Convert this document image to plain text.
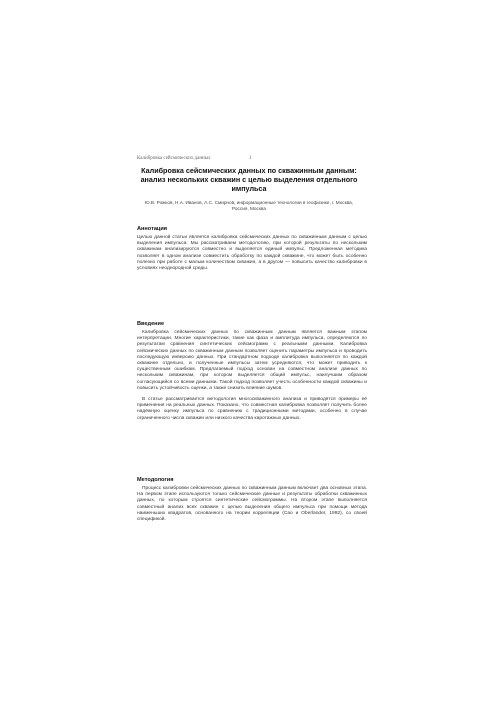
Калибровка сейсмических данных	1
Калибровка сейсмических данных по скважинным данным: анализ нескольких скважин с целью выделения отдельного импульса
Ю.В. Рожков, Н.А. Иванов, А.С. Смирнов, информационные технологии в геофизике, г. Москва, Россия, Москва
Аннотация

Целью данной статьи является калибровка сейсмических данных по скважинным данным с целью выделения импульса. Мы рассматриваем методологию, при которой результаты по нескольким скважинам анализируются совместно и выделяется единый импульс. Предложенная методика позволяет в одном анализе совместить обработку по каждой скважине, что может быть особенно полезно при работе с малым количеством скважин, а в другом — повысить качество калибровки в условиях неоднородной среды.

Введение

Калибровка сейсмических данных по скважинным данным является важным этапом интерпретации. Многие характеристики, такие как фаза и амплитуда импульса, определяются по результатам сравнения синтетических сейсмограмм с реальными данными. Калибровка сейсмических данных по скважинным данным позволяет оценить параметры импульса и проводить последующую инверсию данных. При стандартном подходе калибровка выполняется по каждой скважине отдельно, и полученные импульсы затем усредняются, что может приводить к существенным ошибкам. Предлагаемый подход основан на совместном анализе данных по нескольким скважинам, при котором выделяется общий импульс, наилучшим образом согласующийся со всеми данными. Такой подход позволяет учесть особенности каждой скважины и повысить устойчивость оценки, а также снизить влияние шумов.

В статье рассматривается методология многоскважинного анализа и приводятся примеры её применения на реальных данных. Показано, что совместная калибровка позволяет получить более надёжную оценку импульса по сравнению с традиционными методами, особенно в случае ограниченного числа скважин или низкого качества каротажных данных.

Методология

Процесс калибровки сейсмических данных по скважинным данным включает два основных этапа. На первом этапе используются только сейсмические данные и результаты обработки скважинных данных, по которым строятся синтетические сейсмограммы. На втором этапе выполняется совместный анализ всех скважин с целью выделения общего импульса при помощи метода наименьших квадратов, основанного на теории корреляции (Cao и Oberlander, 1992), со своей спецификой.
